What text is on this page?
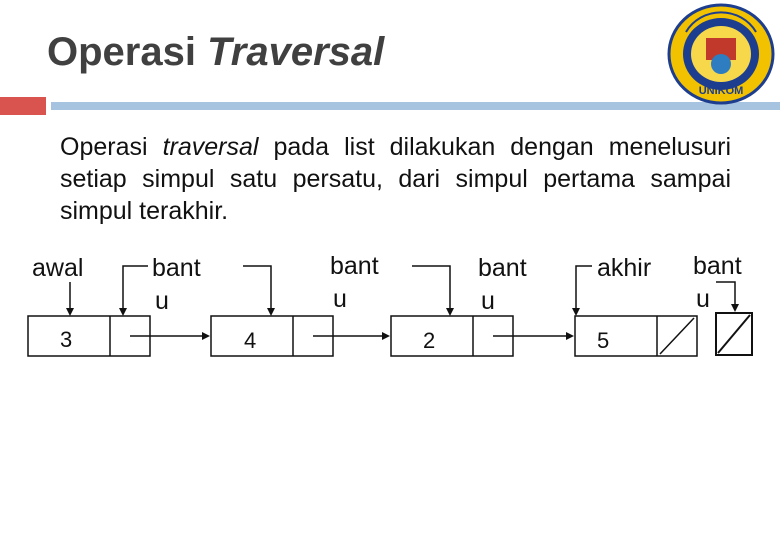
Operasi Traversal
UNIKOM
Operasi traversal pada list dilakukan dengan menelusuri setiap simpul satu persatu, dari simpul pertama sampai simpul terakhir.
awal	bant
u
bant
u
bant
u
akhir bant
u
3	4	2	5
